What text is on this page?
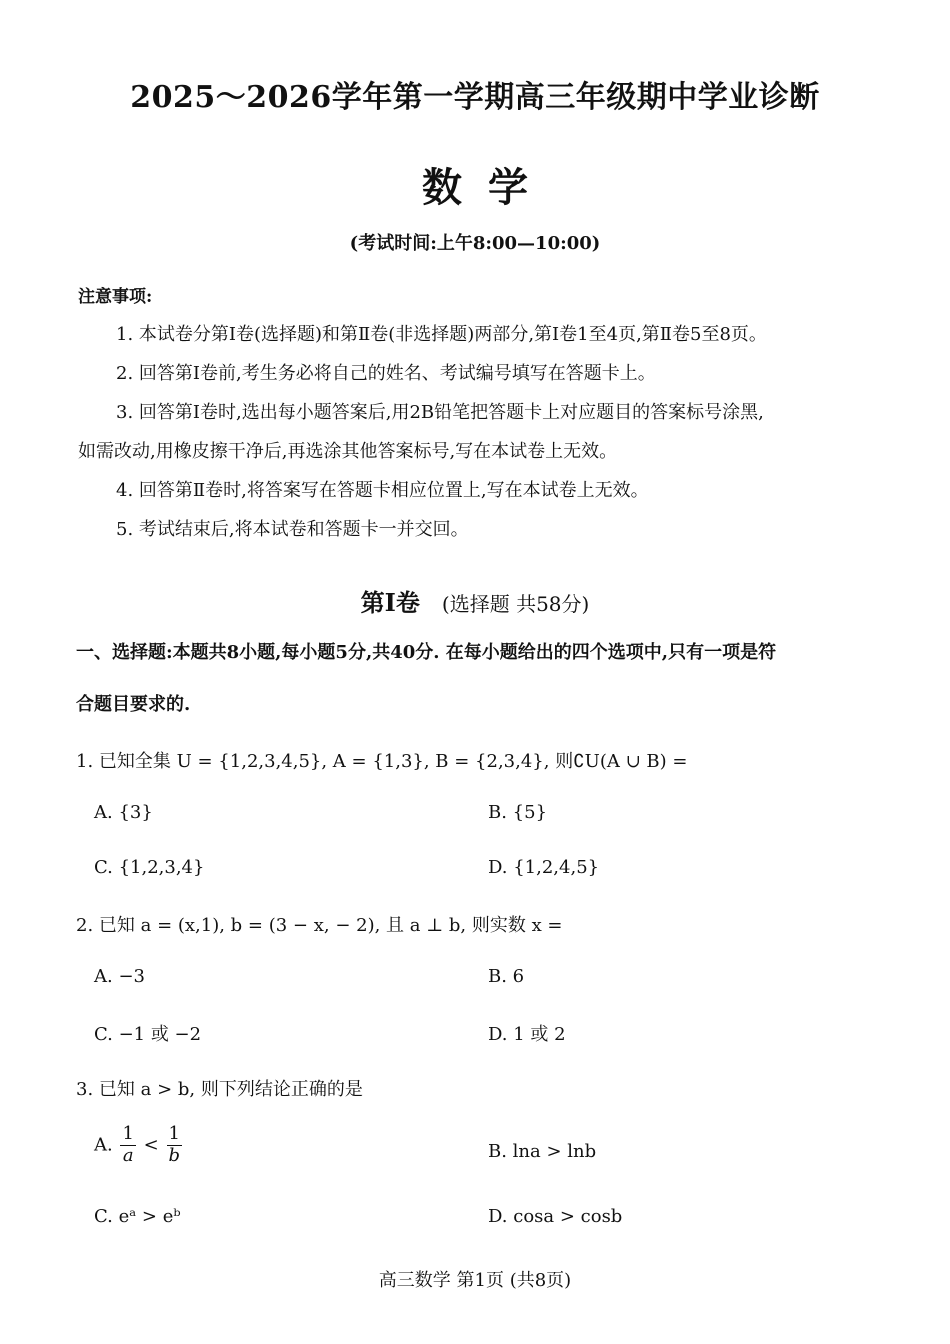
2025～2026学年第一学期高三年级期中学业诊断
数学
(考试时间:上午8:00—10:00)
注意事项:
1. 本试卷分第Ⅰ卷(选择题)和第Ⅱ卷(非选择题)两部分,第Ⅰ卷1至4页,第Ⅱ卷5至8页。
2. 回答第Ⅰ卷前,考生务必将自己的姓名、考试编号填写在答题卡上。
3. 回答第Ⅰ卷时,选出每小题答案后,用2B铅笔把答题卡上对应题目的答案标号涂黑,
如需改动,用橡皮擦干净后,再选涂其他答案标号,写在本试卷上无效。
4. 回答第Ⅱ卷时,将答案写在答题卡相应位置上,写在本试卷上无效。
5. 考试结束后,将本试卷和答题卡一并交回。
第Ⅰ卷 (选择题 共58分)
一、选择题:本题共8小题,每小题5分,共40分. 在每小题给出的四个选项中,只有一项是符
合题目要求的.
1. 已知全集 U = {1,2,3,4,5}, A = {1,3}, B = {2,3,4}, 则∁U(A ∪ B) =
A. {3}	B. {5}
C. {1,2,3,4}	D. {1,2,4,5}
2. 已知 a = (x,1), b = (3 − x, − 2), 且 a ⊥ b, 则实数 x =
A. −3	B. 6
C. −1 或 −2	D. 1 或 2
3. 已知 a > b, 则下列结论正确的是
A. $\frac{1}{a} < \frac{1}{b}$	B. lna > lnb
C. eᵃ > eᵇ	D. cosa > cosb
高三数学 第1页 (共8页)
